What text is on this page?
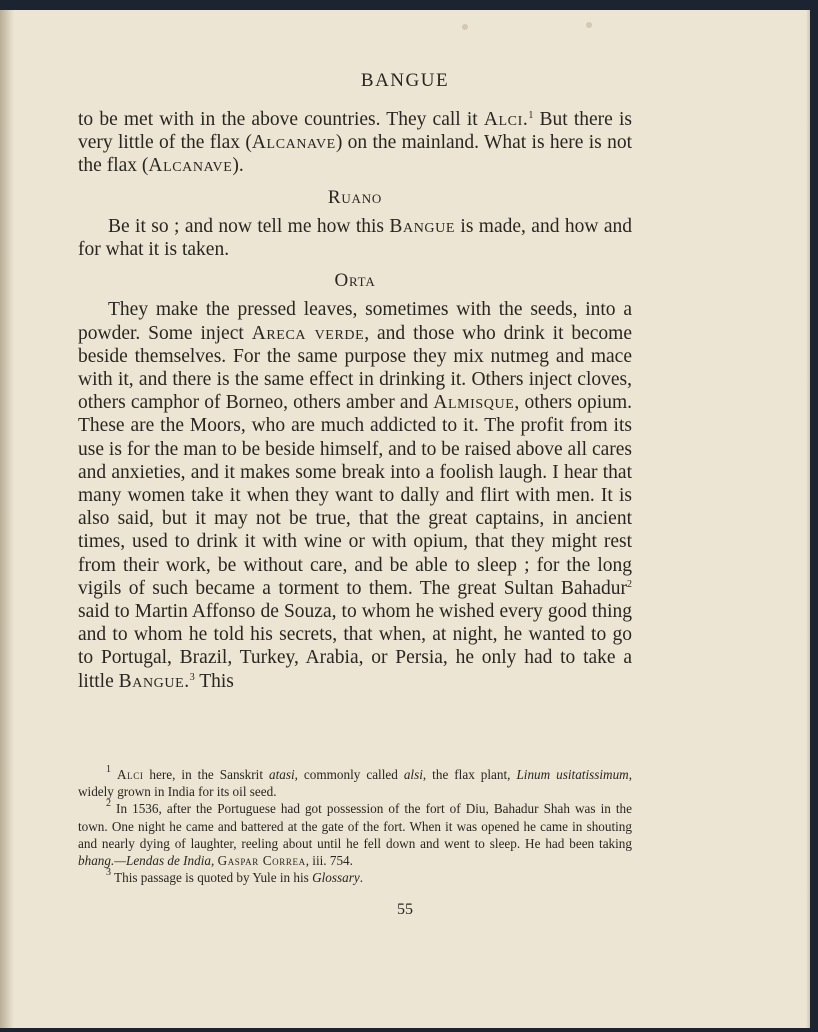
BANGUE

to be met with in the above countries. They call it Alci.$^1$ But there is very little of the flax (Alcanave) on the mainland. What is here is not the flax (Alcanave).

Ruano

Be it so ; and now tell me how this Bangue is made, and how and for what it is taken.

Orta

They make the pressed leaves, sometimes with the seeds, into a powder. Some inject Areca verde, and those who drink it become beside themselves. For the same purpose they mix nutmeg and mace with it, and there is the same effect in drinking it. Others inject cloves, others camphor of Borneo, others amber and Almisque, others opium. These are the Moors, who are much addicted to it. The profit from its use is for the man to be beside himself, and to be raised above all cares and anxieties, and it makes some break into a foolish laugh. I hear that many women take it when they want to dally and flirt with men. It is also said, but it may not be true, that the great captains, in ancient times, used to drink it with wine or with opium, that they might rest from their work, be without care, and be able to sleep ; for the long vigils of such became a torment to them. The great Sultan Bahadur$^2$ said to Martin Affonso de Souza, to whom he wished every good thing and to whom he told his secrets, that when, at night, he wanted to go to Portugal, Brazil, Turkey, Arabia, or Persia, he only had to take a little Bangue.$^3$ This

$^1$ Alci here, in the Sanskrit atasi, commonly called alsi, the flax plant, Linum usitatissimum, widely grown in India for its oil seed.

$^2$ In 1536, after the Portuguese had got possession of the fort of Diu, Bahadur Shah was in the town. One night he came and battered at the gate of the fort. When it was opened he came in shouting and nearly dying of laughter, reeling about until he fell down and went to sleep. He had been taking bhang.—Lendas de India, Gaspar Correa, iii. 754.

$^3$ This passage is quoted by Yule in his Glossary.

55
